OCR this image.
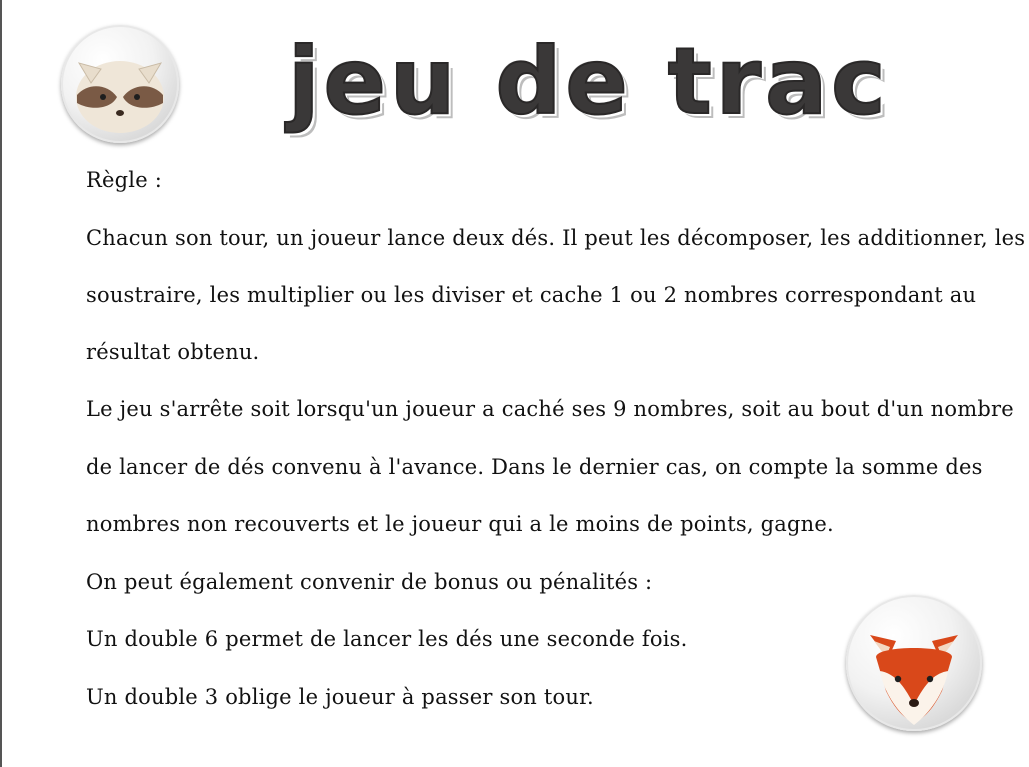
jeu de trac
Règle :
Chacun son tour, un joueur lance deux dés. Il peut les décomposer, les additionner, les
soustraire, les multiplier ou les diviser et cache 1 ou 2 nombres correspondant au
résultat obtenu.
Le jeu s'arrête soit lorsqu'un joueur a caché ses 9 nombres, soit au bout d'un nombre
de lancer de dés convenu à l'avance. Dans le dernier cas, on compte la somme des
nombres non recouverts et le joueur qui a le moins de points, gagne.
On peut également convenir de bonus ou pénalités :
Un double 6 permet de lancer les dés une seconde fois.
Un double 3 oblige le joueur à passer son tour.
